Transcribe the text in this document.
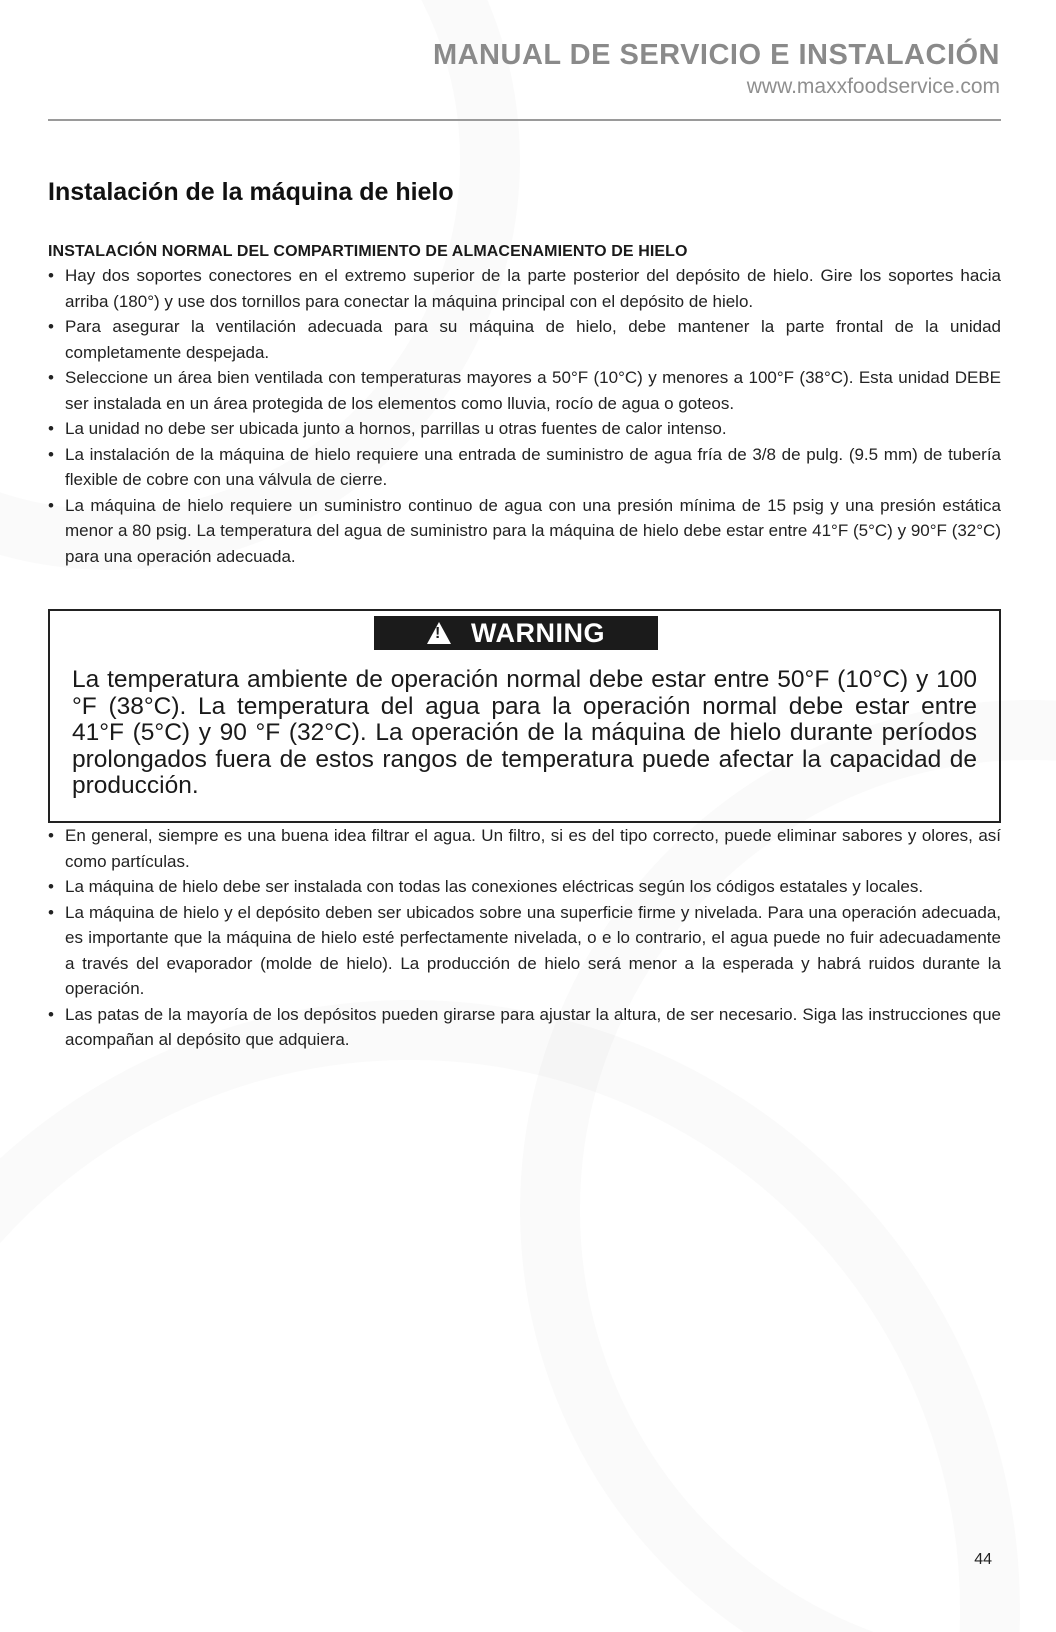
MANUAL DE SERVICIO E INSTALACIÓN
www.maxxfoodservice.com
Instalación de la máquina de hielo
INSTALACIÓN NORMAL DEL COMPARTIMIENTO DE ALMACENAMIENTO DE HIELO
• Hay dos soportes conectores en el extremo superior de la parte posterior del depósito de hielo. Gire los soportes hacia arriba (180°) y use dos tornillos para conectar la máquina principal con el depósito de hielo.
• Para asegurar la ventilación adecuada para su máquina de hielo, debe mantener la parte frontal de la unidad completamente despejada.
• Seleccione un área bien ventilada con temperaturas mayores a 50°F (10°C) y menores a 100°F (38°C). Esta unidad DEBE ser instalada en un área protegida de los elementos como lluvia, rocío de agua o goteos.
• La unidad no debe ser ubicada junto a hornos, parrillas u otras fuentes de calor intenso.
• La instalación de la máquina de hielo requiere una entrada de suministro de agua fría de 3/8 de pulg. (9.5 mm) de tubería flexible de cobre con una válvula de cierre.
• La máquina de hielo requiere un suministro continuo de agua con una presión mínima de 15 psig y una presión estática menor a 80 psig. La temperatura del agua de suministro para la máquina de hielo debe estar entre 41°F (5°C) y 90°F (32°C) para una operación adecuada.
!
WARNING

La temperatura ambiente de operación normal debe estar entre 50°F (10°C) y 100 °F (38°C). La temperatura del agua para la operación normal debe estar entre 41°F (5°C) y 90 °F (32°C). La operación de la máquina de hielo durante períodos prolongados fuera de estos rangos de temperatura puede afectar la capacidad de producción.

• En general, siempre es una buena idea filtrar el agua. Un filtro, si es del tipo correcto, puede eliminar sabores y olores, así como partículas.
• La máquina de hielo debe ser instalada con todas las conexiones eléctricas según los códigos estatales y locales.
• La máquina de hielo y el depósito deben ser ubicados sobre una superficie firme y nivelada. Para una operación adecuada, es importante que la máquina de hielo esté perfectamente nivelada, o e lo contrario, el agua puede no fuir adecuadamente a través del evaporador (molde de hielo). La producción de hielo será menor a la esperada y habrá ruidos durante la operación.
• Las patas de la mayoría de los depósitos pueden girarse para ajustar la altura, de ser necesario. Siga las instrucciones que acompañan al depósito que adquiera.
44
